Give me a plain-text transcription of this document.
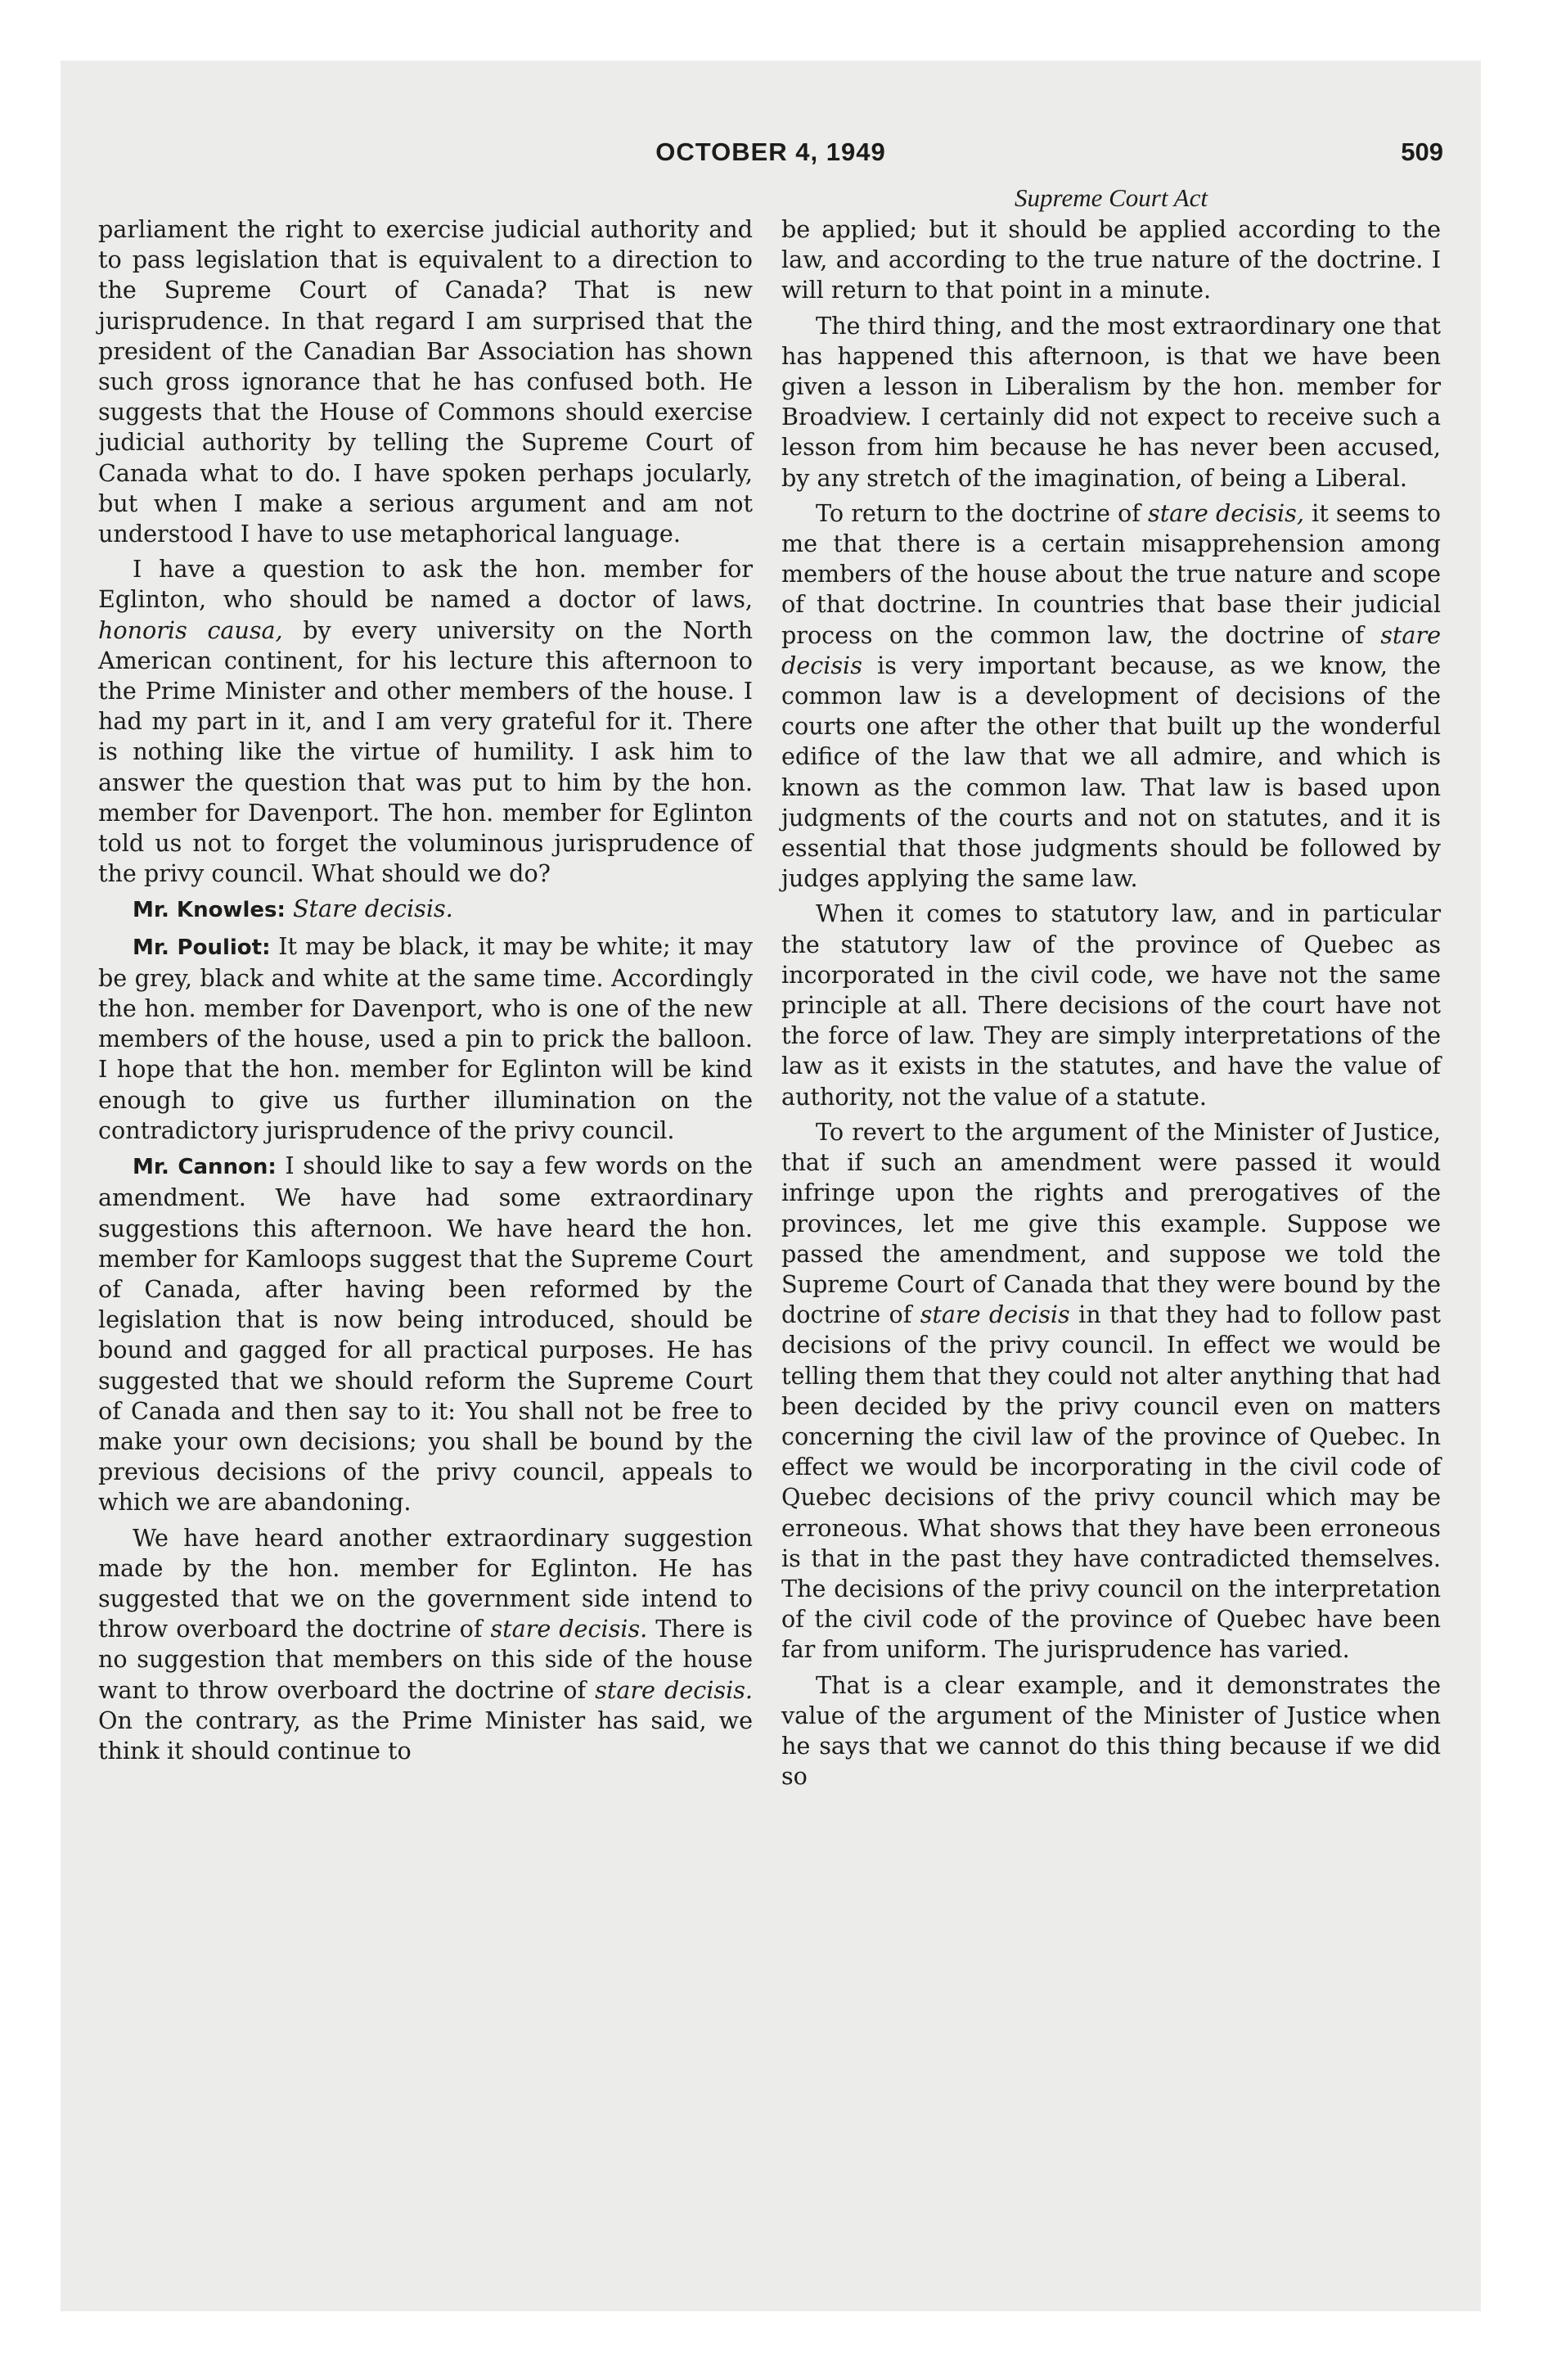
OCTOBER 4, 1949	509

parliament the right to exercise judicial authority and to pass legislation that is equivalent to a direction to the Supreme Court of Canada? That is new jurisprudence. In that regard I am surprised that the president of the Canadian Bar Association has shown such gross ignorance that he has confused both. He suggests that the House of Commons should exercise judicial authority by telling the Supreme Court of Canada what to do. I have spoken perhaps jocularly, but when I make a serious argument and am not understood I have to use metaphorical language.

I have a question to ask the hon. member for Eglinton, who should be named a doctor of laws, honoris causa, by every university on the North American continent, for his lecture this afternoon to the Prime Minister and other members of the house. I had my part in it, and I am very grateful for it. There is nothing like the virtue of humility. I ask him to answer the question that was put to him by the hon. member for Davenport. The hon. member for Eglinton told us not to forget the voluminous jurisprudence of the privy council. What should we do?

Mr. Knowles: Stare decisis.

Mr. Pouliot: It may be black, it may be white; it may be grey, black and white at the same time. Accordingly the hon. member for Davenport, who is one of the new members of the house, used a pin to prick the balloon. I hope that the hon. member for Eglinton will be kind enough to give us further illumination on the contradictory jurisprudence of the privy council.

Mr. Cannon: I should like to say a few words on the amendment. We have had some extraordinary suggestions this afternoon. We have heard the hon. member for Kamloops suggest that the Supreme Court of Canada, after having been reformed by the legislation that is now being introduced, should be bound and gagged for all practical purposes. He has suggested that we should reform the Supreme Court of Canada and then say to it: You shall not be free to make your own decisions; you shall be bound by the previous decisions of the privy council, appeals to which we are abandoning.

We have heard another extraordinary suggestion made by the hon. member for Eglinton. He has suggested that we on the government side intend to throw overboard the doctrine of stare decisis. There is no suggestion that members on this side of the house want to throw overboard the doctrine of stare decisis. On the contrary, as the Prime Minister has said, we think it should continue to

Supreme Court Act

be applied; but it should be applied according to the law, and according to the true nature of the doctrine. I will return to that point in a minute.

The third thing, and the most extraordinary one that has happened this afternoon, is that we have been given a lesson in Liberalism by the hon. member for Broadview. I certainly did not expect to receive such a lesson from him because he has never been accused, by any stretch of the imagination, of being a Liberal.

To return to the doctrine of stare decisis, it seems to me that there is a certain misapprehension among members of the house about the true nature and scope of that doctrine. In countries that base their judicial process on the common law, the doctrine of stare decisis is very important because, as we know, the common law is a development of decisions of the courts one after the other that built up the wonderful edifice of the law that we all admire, and which is known as the common law. That law is based upon judgments of the courts and not on statutes, and it is essential that those judgments should be followed by judges applying the same law.

When it comes to statutory law, and in particular the statutory law of the province of Quebec as incorporated in the civil code, we have not the same principle at all. There decisions of the court have not the force of law. They are simply interpretations of the law as it exists in the statutes, and have the value of authority, not the value of a statute.

To revert to the argument of the Minister of Justice, that if such an amendment were passed it would infringe upon the rights and prerogatives of the provinces, let me give this example. Suppose we passed the amendment, and suppose we told the Supreme Court of Canada that they were bound by the doctrine of stare decisis in that they had to follow past decisions of the privy council. In effect we would be telling them that they could not alter anything that had been decided by the privy council even on matters concerning the civil law of the province of Quebec. In effect we would be incorporating in the civil code of Quebec decisions of the privy council which may be erroneous. What shows that they have been erroneous is that in the past they have contradicted themselves. The decisions of the privy council on the interpretation of the civil code of the province of Quebec have been far from uniform. The jurisprudence has varied.

That is a clear example, and it demonstrates the value of the argument of the Minister of Justice when he says that we cannot do this thing because if we did so
